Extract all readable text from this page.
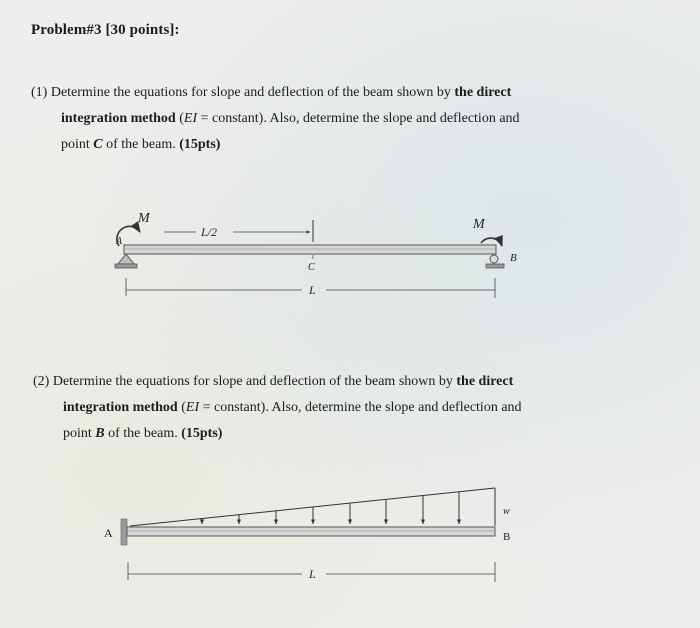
Problem#3 [30 points]:
(1) Determine the equations for slope and deflection of the beam shown by the direct
integration method (EI = constant). Also, determine the slope and deflection and
point C of the beam. (15pts)
(2) Determine the equations for slope and deflection of the beam shown by the direct
integration method (EI = constant). Also, determine the slope and deflection and
point B of the beam. (15pts)
M
A
M
B
L/2
C
L
A
w
B
L
